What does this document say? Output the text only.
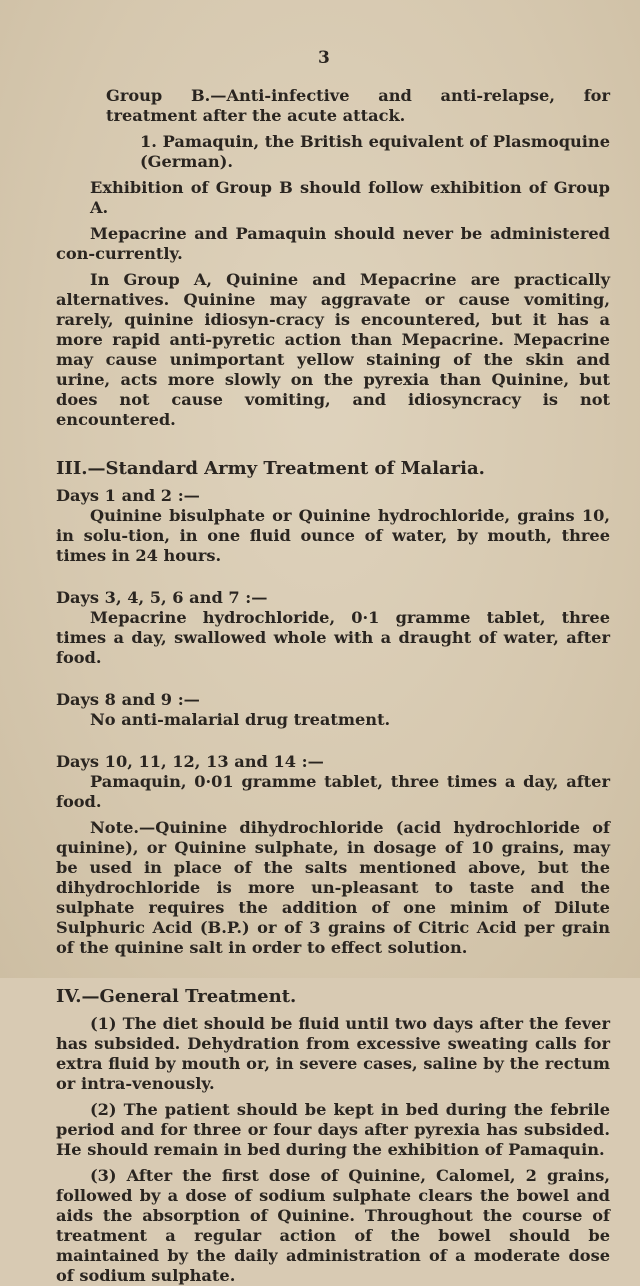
3

Group B.—Anti-infective and anti-relapse, for treatment after the acute attack.

1. Pamaquin, the British equivalent of Plasmoquine (German).

Exhibition of Group B should follow exhibition of Group A.

Mepacrine and Pamaquin should never be administered con-currently.

In Group A, Quinine and Mepacrine are practically alternatives. Quinine may aggravate or cause vomiting, rarely, quinine idiosyn-cracy is encountered, but it has a more rapid anti-pyretic action than Mepacrine. Mepacrine may cause unimportant yellow staining of the skin and urine, acts more slowly on the pyrexia than Quinine, but does not cause vomiting, and idiosyncracy is not encountered.

III.—Standard Army Treatment of Malaria.

Days 1 and 2 :—

Quinine bisulphate or Quinine hydrochloride, grains 10, in solu-tion, in one fluid ounce of water, by mouth, three times in 24 hours.

Days 3, 4, 5, 6 and 7 :—

Mepacrine hydrochloride, 0·1 gramme tablet, three times a day, swallowed whole with a draught of water, after food.

Days 8 and 9 :—

No anti-malarial drug treatment.

Days 10, 11, 12, 13 and 14 :—

Pamaquin, 0·01 gramme tablet, three times a day, after food.

Note.—Quinine dihydrochloride (acid hydrochloride of quinine), or Quinine sulphate, in dosage of 10 grains, may be used in place of the salts mentioned above, but the dihydrochloride is more un-pleasant to taste and the sulphate requires the addition of one minim of Dilute Sulphuric Acid (B.P.) or of 3 grains of Citric Acid per grain of the quinine salt in order to effect solution.

IV.—General Treatment.

(1) The diet should be fluid until two days after the fever has subsided. Dehydration from excessive sweating calls for extra fluid by mouth or, in severe cases, saline by the rectum or intra-venously.

(2) The patient should be kept in bed during the febrile period and for three or four days after pyrexia has subsided. He should remain in bed during the exhibition of Pamaquin.

(3) After the first dose of Quinine, Calomel, 2 grains, followed by a dose of sodium sulphate clears the bowel and aids the absorption of Quinine. Throughout the course of treatment a regular action of the bowel should be maintained by the daily administration of a moderate dose of sodium sulphate.
